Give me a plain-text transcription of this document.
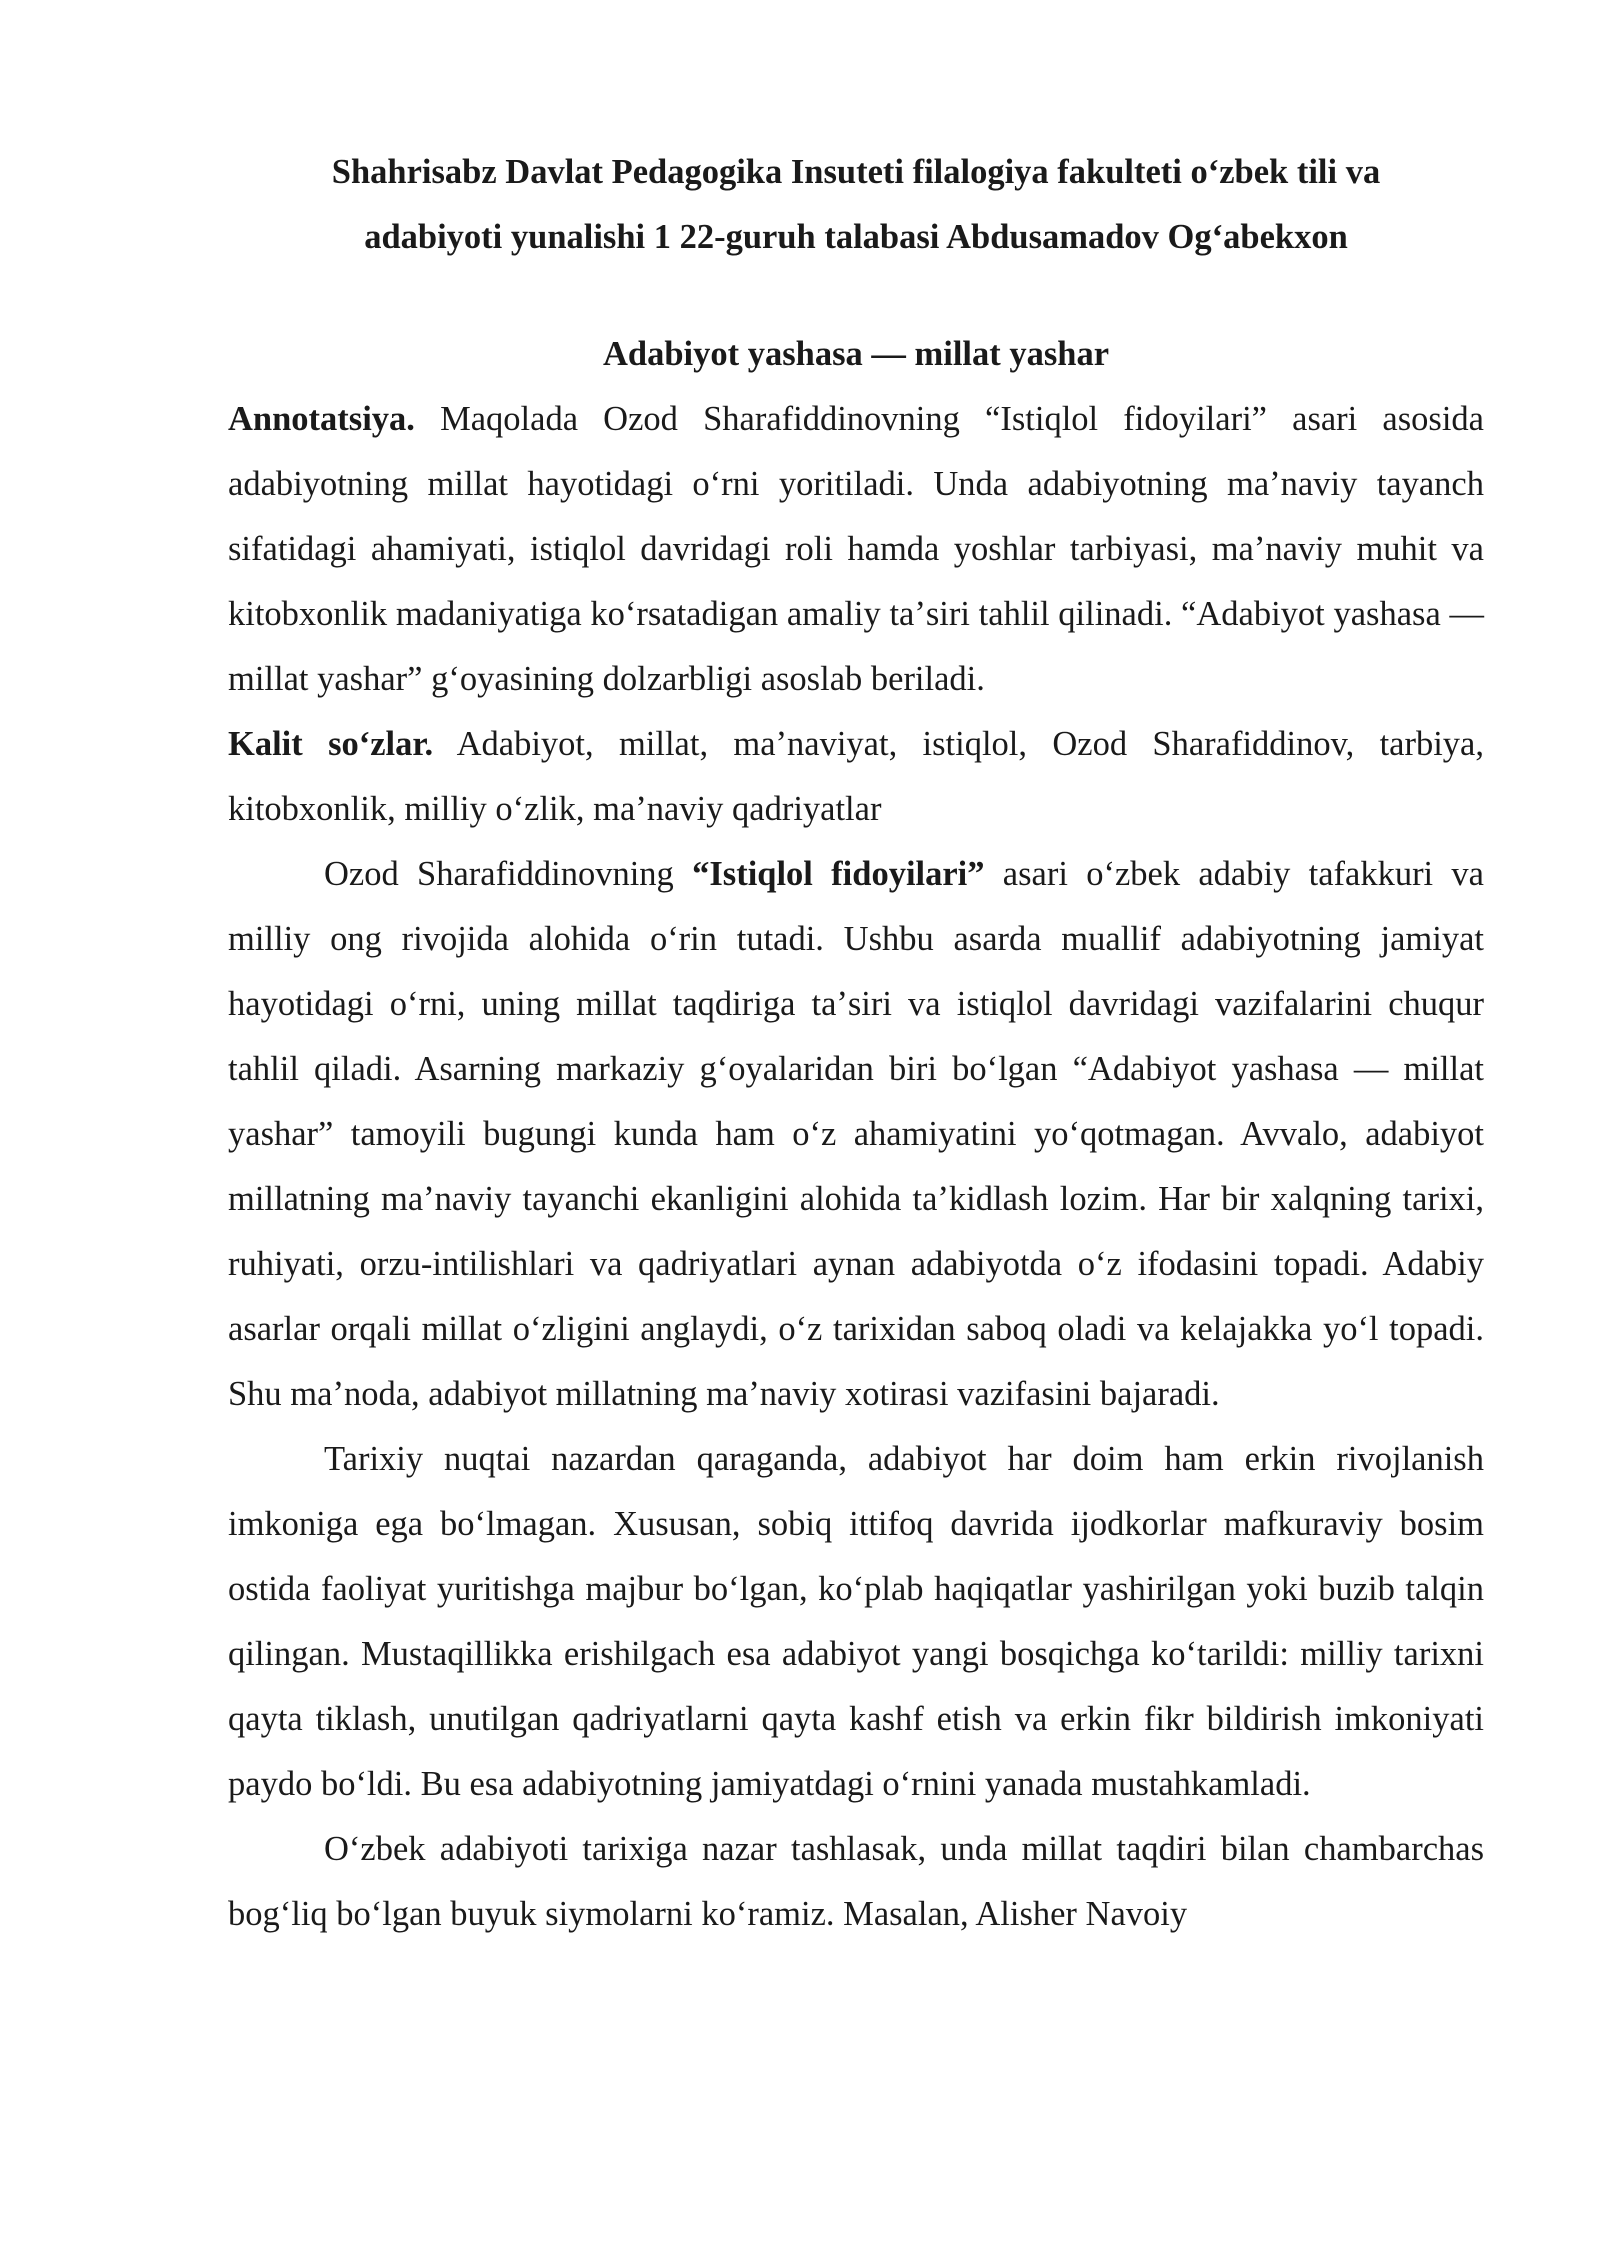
Shahrisabz Davlat Pedagogika Insuteti filalogiya fakulteti oʻzbek tili va adabiyoti yunalishi 1 22-guruh talabasi Abdusamadov Ogʻabekxon

Adabiyot yashasa — millat yashar

Annotatsiya. Maqolada Ozod Sharafiddinovning “Istiqlol fidoyilari” asari asosida adabiyotning millat hayotidagi oʻrni yoritiladi. Unda adabiyotning maʼnaviy tayanch sifatidagi ahamiyati, istiqlol davridagi roli hamda yoshlar tarbiyasi, maʼnaviy muhit va kitobxonlik madaniyatiga koʻrsatadigan amaliy taʼsiri tahlil qilinadi. “Adabiyot yashasa — millat yashar” gʻoyasining dolzarbligi asoslab beriladi.

Kalit soʻzlar. Adabiyot, millat, maʼnaviyat, istiqlol, Ozod Sharafiddinov, tarbiya, kitobxonlik, milliy oʻzlik, maʼnaviy qadriyatlar

Ozod Sharafiddinovning “Istiqlol fidoyilari” asari oʻzbek adabiy tafakkuri va milliy ong rivojida alohida oʻrin tutadi. Ushbu asarda muallif adabiyotning jamiyat hayotidagi oʻrni, uning millat taqdiriga taʼsiri va istiqlol davridagi vazifalarini chuqur tahlil qiladi. Asarning markaziy gʻoyalaridan biri boʻlgan “Adabiyot yashasa — millat yashar” tamoyili bugungi kunda ham oʻz ahamiyatini yoʻqotmagan. Avvalo, adabiyot millatning maʼnaviy tayanchi ekanligini alohida taʼkidlash lozim. Har bir xalqning tarixi, ruhiyati, orzu-intilishlari va qadriyatlari aynan adabiyotda oʻz ifodasini topadi. Adabiy asarlar orqali millat oʻzligini anglaydi, oʻz tarixidan saboq oladi va kelajakka yoʻl topadi. Shu maʼnoda, adabiyot millatning maʼnaviy xotirasi vazifasini bajaradi.

Tarixiy nuqtai nazardan qaraganda, adabiyot har doim ham erkin rivojlanish imkoniga ega boʻlmagan. Xususan, sobiq ittifoq davrida ijodkorlar mafkuraviy bosim ostida faoliyat yuritishga majbur boʻlgan, koʻplab haqiqatlar yashirilgan yoki buzib talqin qilingan. Mustaqillikka erishilgach esa adabiyot yangi bosqichga koʻtarildi: milliy tarixni qayta tiklash, unutilgan qadriyatlarni qayta kashf etish va erkin fikr bildirish imkoniyati paydo boʻldi. Bu esa adabiyotning jamiyatdagi oʻrnini yanada mustahkamladi.

Oʻzbek adabiyoti tarixiga nazar tashlasak, unda millat taqdiri bilan chambarchas bogʻliq boʻlgan buyuk siymolarni koʻramiz. Masalan, Alisher Navoiy
